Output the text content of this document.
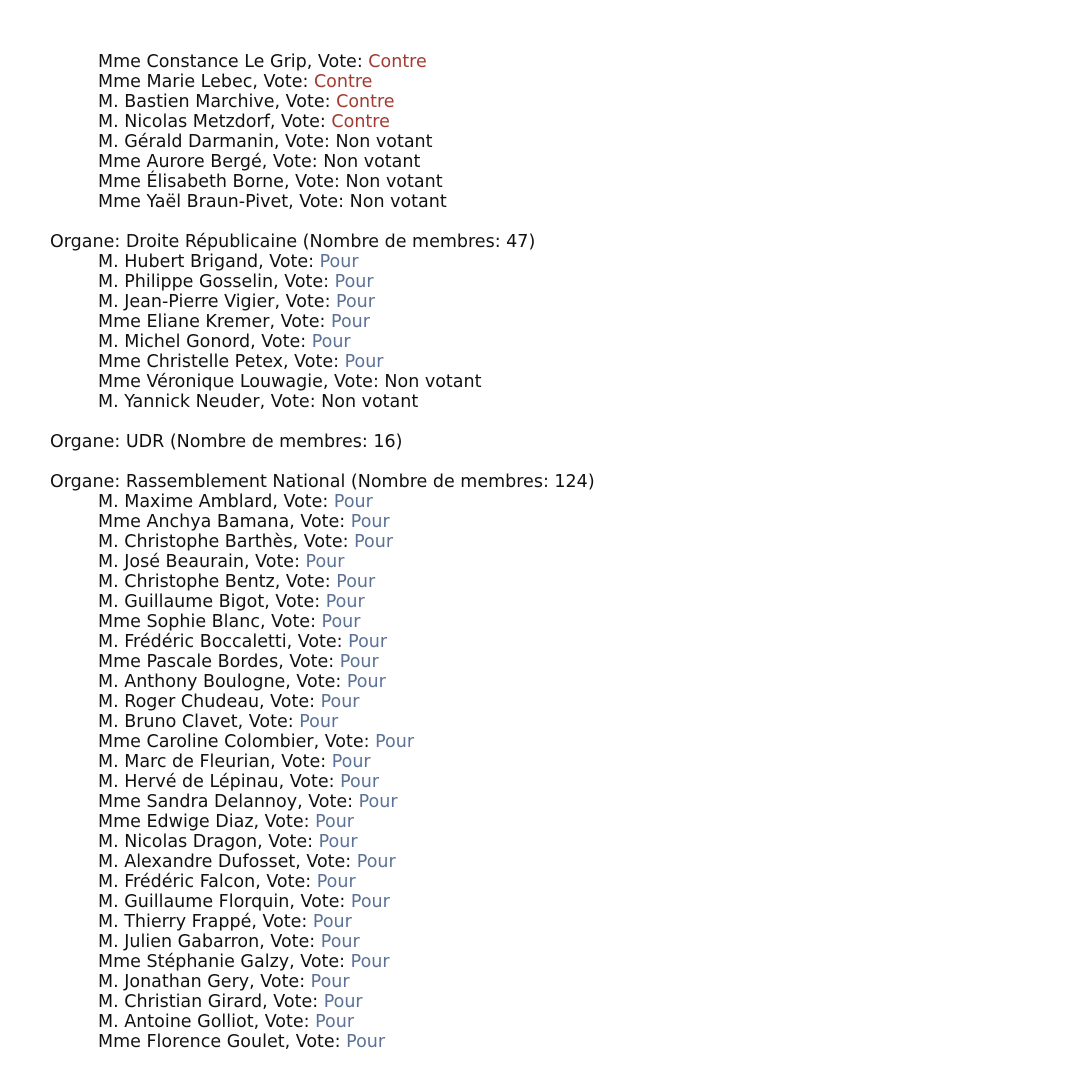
Mme Constance Le Grip, Vote: Contre
Mme Marie Lebec, Vote: Contre
M. Bastien Marchive, Vote: Contre
M. Nicolas Metzdorf, Vote: Contre
M. Gérald Darmanin, Vote: Non votant
Mme Aurore Bergé, Vote: Non votant
Mme Élisabeth Borne, Vote: Non votant
Mme Yaël Braun-Pivet, Vote: Non votant
Organe: Droite Républicaine (Nombre de membres: 47)
M. Hubert Brigand, Vote: Pour
M. Philippe Gosselin, Vote: Pour
M. Jean-Pierre Vigier, Vote: Pour
Mme Eliane Kremer, Vote: Pour
M. Michel Gonord, Vote: Pour
Mme Christelle Petex, Vote: Pour
Mme Véronique Louwagie, Vote: Non votant
M. Yannick Neuder, Vote: Non votant
Organe: UDR (Nombre de membres: 16)
Organe: Rassemblement National (Nombre de membres: 124)
M. Maxime Amblard, Vote: Pour
Mme Anchya Bamana, Vote: Pour
M. Christophe Barthès, Vote: Pour
M. José Beaurain, Vote: Pour
M. Christophe Bentz, Vote: Pour
M. Guillaume Bigot, Vote: Pour
Mme Sophie Blanc, Vote: Pour
M. Frédéric Boccaletti, Vote: Pour
Mme Pascale Bordes, Vote: Pour
M. Anthony Boulogne, Vote: Pour
M. Roger Chudeau, Vote: Pour
M. Bruno Clavet, Vote: Pour
Mme Caroline Colombier, Vote: Pour
M. Marc de Fleurian, Vote: Pour
M. Hervé de Lépinau, Vote: Pour
Mme Sandra Delannoy, Vote: Pour
Mme Edwige Diaz, Vote: Pour
M. Nicolas Dragon, Vote: Pour
M. Alexandre Dufosset, Vote: Pour
M. Frédéric Falcon, Vote: Pour
M. Guillaume Florquin, Vote: Pour
M. Thierry Frappé, Vote: Pour
M. Julien Gabarron, Vote: Pour
Mme Stéphanie Galzy, Vote: Pour
M. Jonathan Gery, Vote: Pour
M. Christian Girard, Vote: Pour
M. Antoine Golliot, Vote: Pour
Mme Florence Goulet, Vote: Pour
